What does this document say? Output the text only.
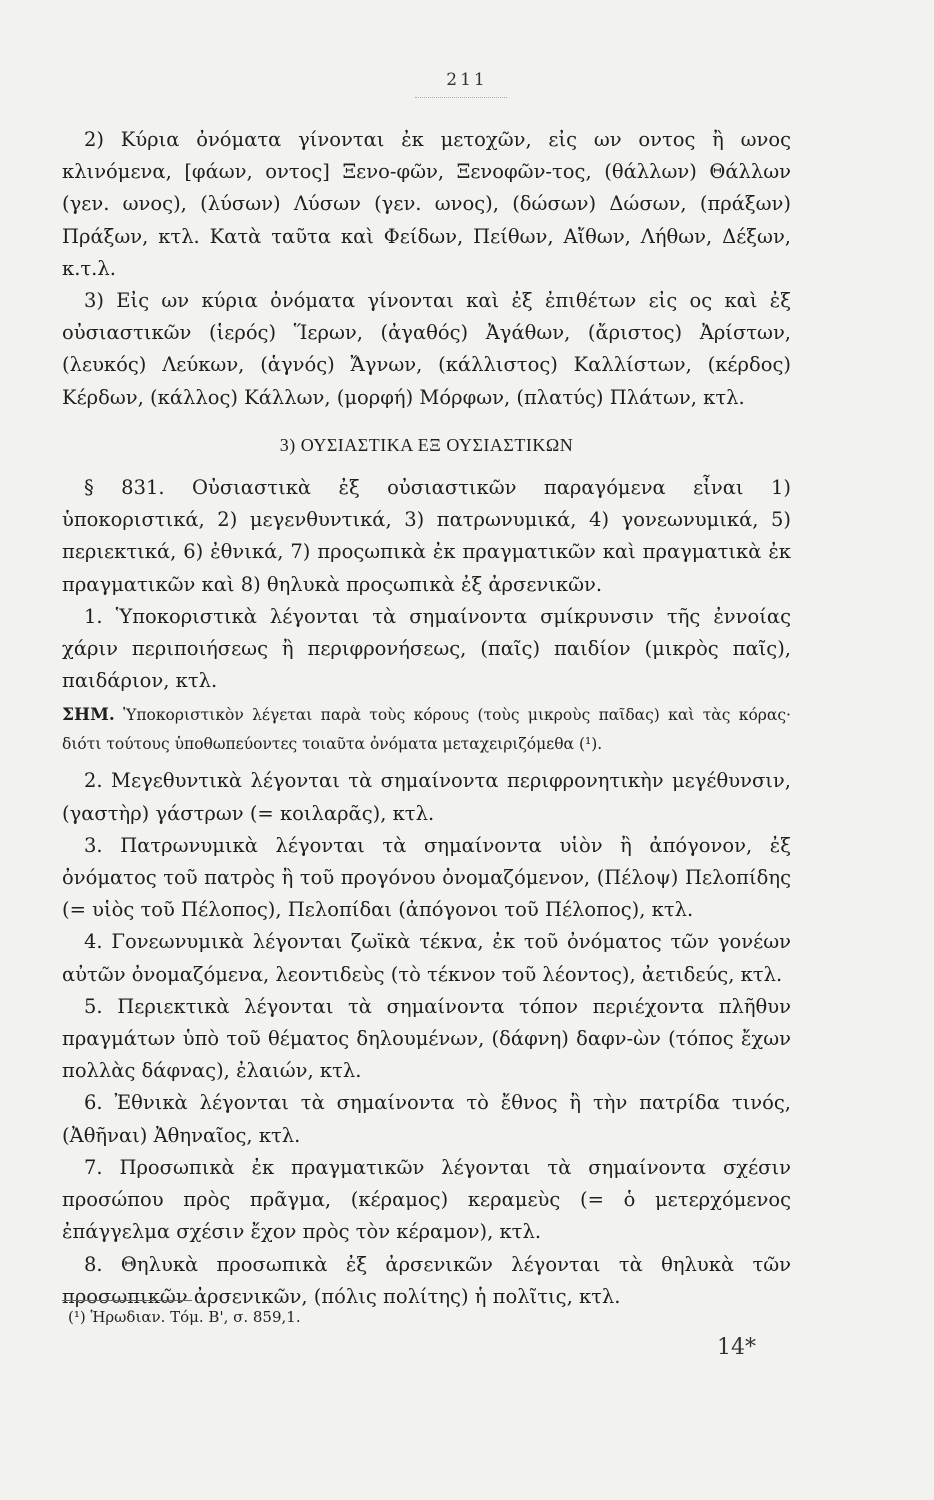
211

2) Κύρια ὀνόματα γίνονται ἐκ μετοχῶν, εἰς ων οντος ἢ ωνος κλινόμενα, [φάων, οντος] Ξενο-φῶν, Ξενοφῶν-τος, (θάλλων) Θάλλων (γεν. ωνος), (λύσων) Λύσων (γεν. ωνος), (δώσων) Δώσων, (πράξων) Πράξων, κτλ. Κατὰ ταῦτα καὶ Φείδων, Πείθων, Αἴθων, Λήθων, Δέξων, κ.τ.λ.

3) Εἰς ων κύρια ὀνόματα γίνονται καὶ ἐξ ἐπιθέτων εἰς ος καὶ ἐξ οὐσιαστικῶν (ἱερός) Ἵερων, (ἀγαθός) Ἀγάθων, (ἄριστος) Ἀρίστων, (λευκός) Λεύκων, (ἁγνός) Ἄγνων, (κάλλιστος) Καλλίστων, (κέρδος) Κέρδων, (κάλλος) Κάλλων, (μορφή) Μόρφων, (πλατύς) Πλάτων, κτλ.

3) ΟΥΣΙΑΣΤΙΚΑ ΕΞ ΟΥΣΙΑΣΤΙΚΩΝ

§ 831. Οὐσιαστικὰ ἐξ οὐσιαστικῶν παραγόμενα εἶναι 1) ὑποκοριστικά, 2) μεγενθυντικά, 3) πατρωνυμικά, 4) γονεωνυμικά, 5) περιεκτικά, 6) ἐθνικά, 7) προςωπικὰ ἐκ πραγματικῶν καὶ πραγματικὰ ἐκ πραγματικῶν καὶ 8) θηλυκὰ προςωπικὰ ἐξ ἀρσενικῶν.

1. Ὑποκοριστικὰ λέγονται τὰ σημαίνοντα σμίκρυνσιν τῆς ἐννοίας χάριν περιποιήσεως ἢ περιφρονήσεως, (παῖς) παιδίον (μικρὸς παῖς), παιδάριον, κτλ.

ΣΗΜ. Ὑποκοριστικὸν λέγεται παρὰ τοὺς κόρους (τοὺς μικροὺς παῖδας) καὶ τὰς κόρας· διότι τούτους ὑποθωπεύοντες τοιαῦτα ὀνόματα μεταχειριζόμεθα (¹).

2. Μεγεθυντικὰ λέγονται τὰ σημαίνοντα περιφρονητικὴν μεγέθυνσιν, (γαστὴρ) γάστρων (= κοιλαρᾶς), κτλ.

3. Πατρωνυμικὰ λέγονται τὰ σημαίνοντα υἱὸν ἢ ἀπόγονον, ἐξ ὀνόματος τοῦ πατρὸς ἢ τοῦ προγόνου ὀνομαζόμενον, (Πέλοψ) Πελοπίδης (= υἱὸς τοῦ Πέλοπος), Πελοπίδαι (ἀπόγονοι τοῦ Πέλοπος), κτλ.

4. Γονεωνυμικὰ λέγονται ζωϊκὰ τέκνα, ἐκ τοῦ ὀνόματος τῶν γονέων αὐτῶν ὀνομαζόμενα, λεοντιδεὺς (τὸ τέκνον τοῦ λέοντος), ἀετιδεύς, κτλ.

5. Περιεκτικὰ λέγονται τὰ σημαίνοντα τόπον περιέχοντα πλῆθυν πραγμάτων ὑπὸ τοῦ θέματος δηλουμένων, (δάφνη) δαφν-ὼν (τόπος ἔχων πολλὰς δάφνας), ἐλαιών, κτλ.

6. Ἐθνικὰ λέγονται τὰ σημαίνοντα τὸ ἔθνος ἢ τὴν πατρίδα τινός, (Ἀθῆναι) Ἀθηναῖος, κτλ.

7. Προσωπικὰ ἐκ πραγματικῶν λέγονται τὰ σημαίνοντα σχέσιν προσώπου πρὸς πρᾶγμα, (κέραμος) κεραμεὺς (= ὁ μετερχόμενος ἐπάγγελμα σχέσιν ἔχον πρὸς τὸν κέραμον), κτλ.

8. Θηλυκὰ προσωπικὰ ἐξ ἀρσενικῶν λέγονται τὰ θηλυκὰ τῶν προσωπικῶν ἀρσενικῶν, (πόλις πολίτης) ἡ πολῖτις, κτλ.

(¹) Ἡρωδιαν. Τόμ. Β', σ. 859,1.
14*
